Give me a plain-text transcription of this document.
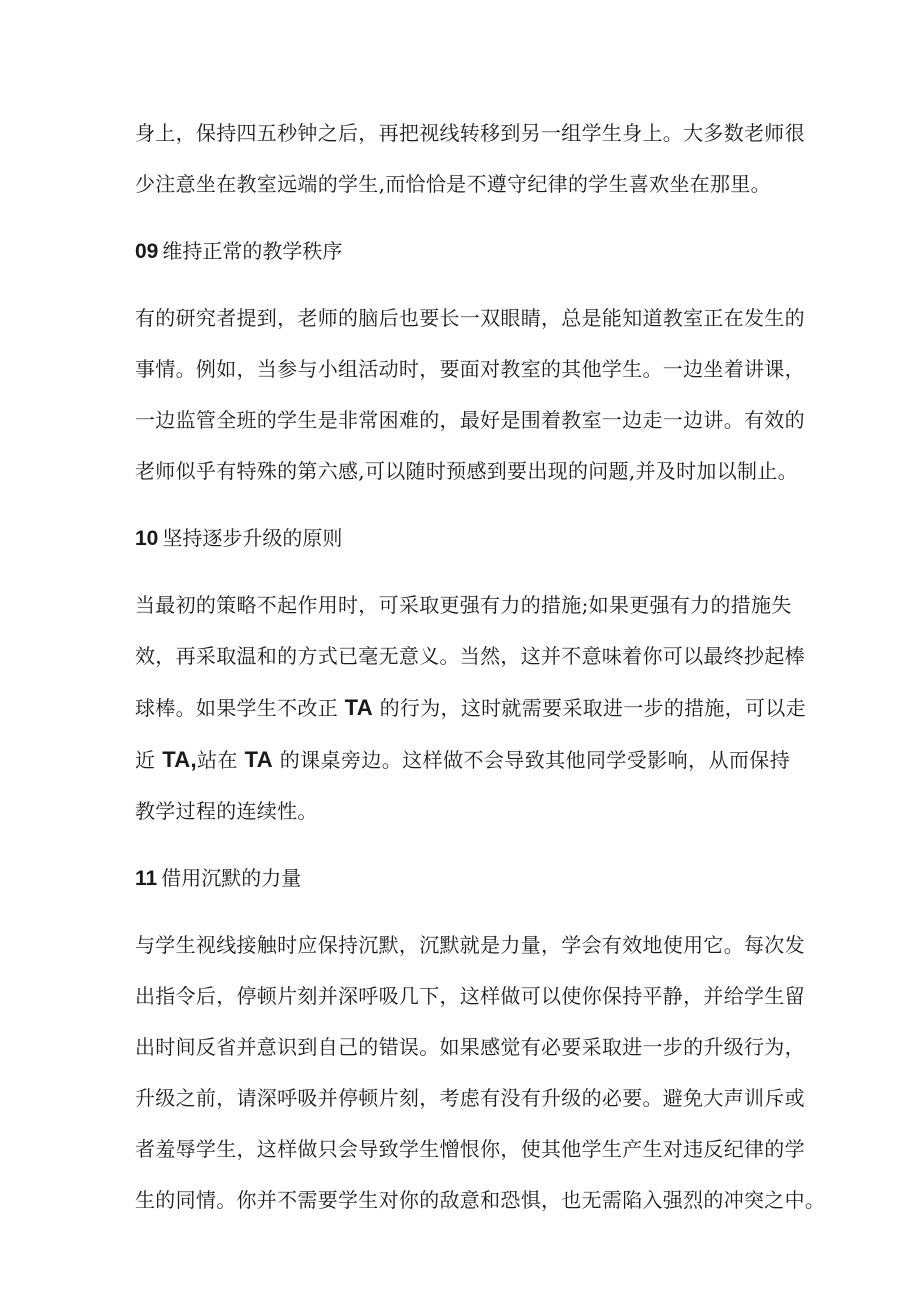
身上，保持四五秒钟之后，再把视线转移到另一组学生身上。大多数老师很
少注意坐在教室远端的学生,而恰恰是不遵守纪律的学生喜欢坐在那里。

09 维持正常的教学秩序

有的研究者提到，老师的脑后也要长一双眼睛，总是能知道教室正在发生的
事情。例如，当参与小组活动时，要面对教室的其他学生。一边坐着讲课，
一边监管全班的学生是非常困难的，最好是围着教室一边走一边讲。有效的
老师似乎有特殊的第六感,可以随时预感到要出现的问题,并及时加以制止。

10 坚持逐步升级的原则

当最初的策略不起作用时，可采取更强有力的措施;如果更强有力的措施失
效，再采取温和的方式已毫无意义。当然，这并不意味着你可以最终抄起棒
球棒。如果学生不改正 TA 的行为，这时就需要采取进一步的措施，可以走
近 TA,站在 TA 的课桌旁边。这样做不会导致其他同学受影响，从而保持
教学过程的连续性。

11 借用沉默的力量

与学生视线接触时应保持沉默，沉默就是力量，学会有效地使用它。每次发
出指令后，停顿片刻并深呼吸几下，这样做可以使你保持平静，并给学生留
出时间反省并意识到自己的错误。如果感觉有必要采取进一步的升级行为，
升级之前，请深呼吸并停顿片刻，考虑有没有升级的必要。避免大声训斥或
者羞辱学生，这样做只会导致学生憎恨你，使其他学生产生对违反纪律的学
生的同情。你并不需要学生对你的敌意和恐惧，也无需陷入强烈的冲突之中。
